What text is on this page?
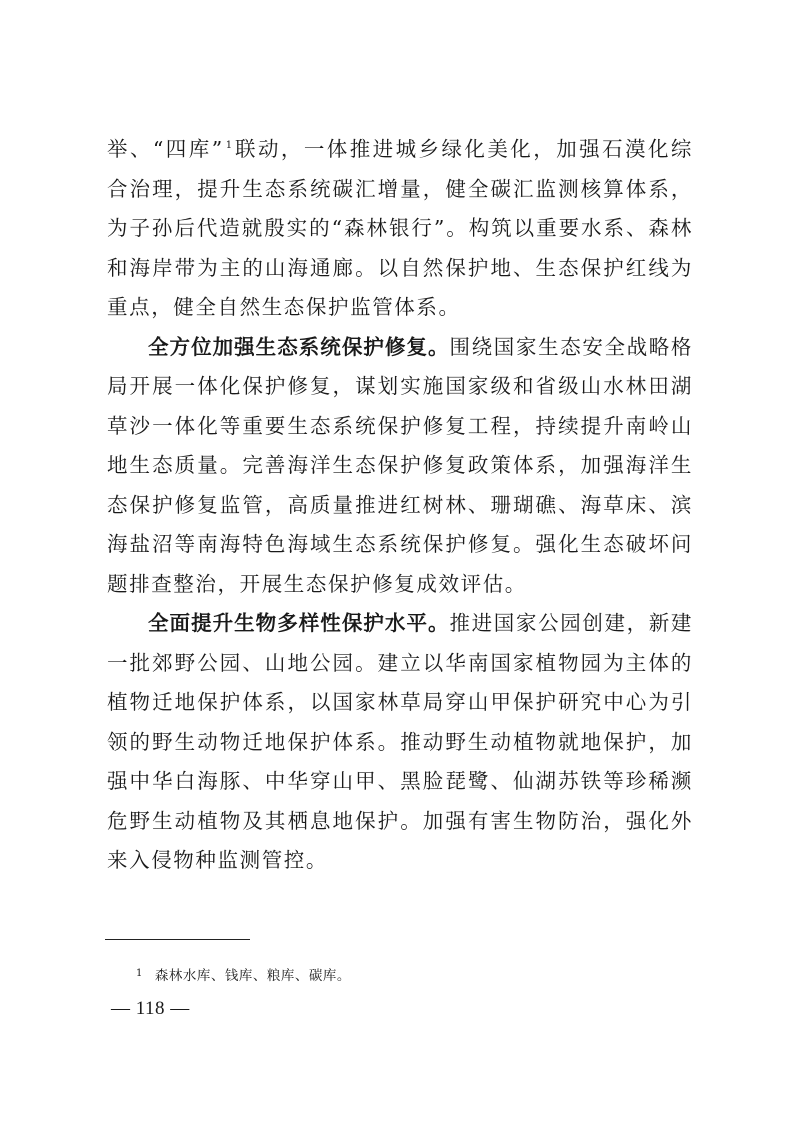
举、“四库” $^1$联动，一体推进城乡绿化美化，加强石漠化综合治理，提升生态系统碳汇增量，健全碳汇监测核算体系，为子孙后代造就殷实的“森林银行”。构筑以重要水系、森林和海岸带为主的山海通廊。以自然保护地、生态保护红线为重点，健全自然生态保护监管体系。

全方位加强生态系统保护修复。围绕国家生态安全战略格局开展一体化保护修复，谋划实施国家级和省级山水林田湖草沙一体化等重要生态系统保护修复工程，持续提升南岭山地生态质量。完善海洋生态保护修复政策体系，加强海洋生态保护修复监管，高质量推进红树林、珊瑚礁、海草床、滨海盐沼等南海特色海域生态系统保护修复。强化生态破坏问题排查整治，开展生态保护修复成效评估。

全面提升生物多样性保护水平。推进国家公园创建，新建一批郊野公园、山地公园。建立以华南国家植物园为主体的植物迁地保护体系，以国家林草局穿山甲保护研究中心为引领的野生动物迁地保护体系。推动野生动植物就地保护，加强中华白海豚、中华穿山甲、黑脸琵鹭、仙湖苏铁等珍稀濒危野生动植物及其栖息地保护。加强有害生物防治，强化外来入侵物种监测管控。

1 森林水库、钱库、粮库、碳库。
— 118 —
